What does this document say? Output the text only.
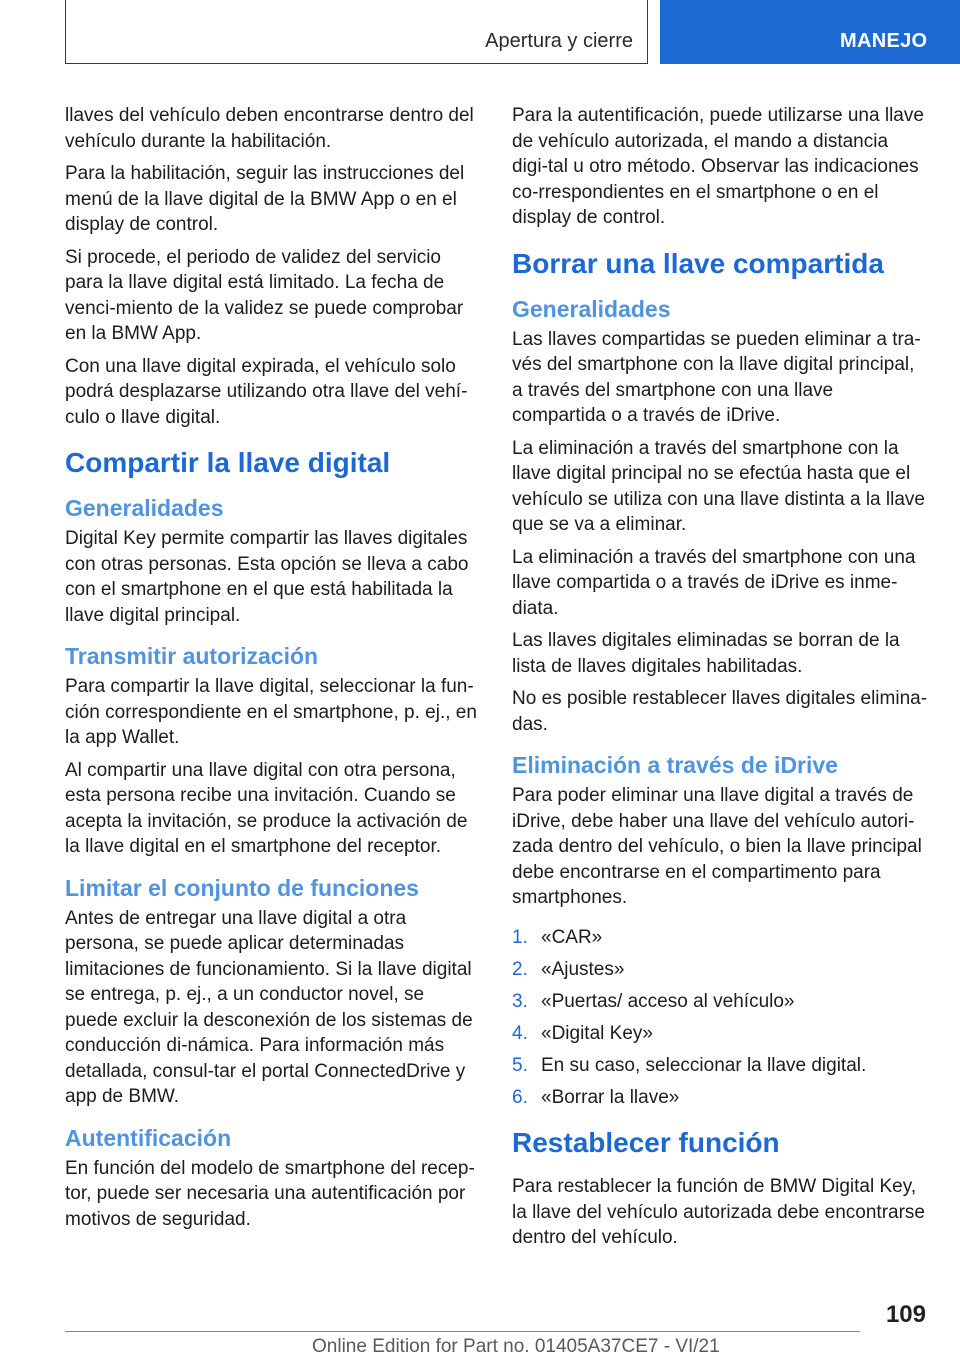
Apertura y cierre	MANEJO

llaves del vehículo deben encontrarse dentro del vehículo durante la habilitación.

Para la habilitación, seguir las instrucciones del menú de la llave digital de la BMW App o en el display de control.

Si procede, el periodo de validez del servicio para la llave digital está limitado. La fecha de venci‐miento de la validez se puede comprobar en la BMW App.

Con una llave digital expirada, el vehículo solo podrá desplazarse utilizando otra llave del vehí‐culo o llave digital.

Compartir la llave digital
Generalidades

Digital Key permite compartir las llaves digitales con otras personas. Esta opción se lleva a cabo con el smartphone en el que está habilitada la llave digital principal.

Transmitir autorización

Para compartir la llave digital, seleccionar la fun‐ción correspondiente en el smartphone, p. ej., en la app Wallet.

Al compartir una llave digital con otra persona, esta persona recibe una invitación. Cuando se acepta la invitación, se produce la activación de la llave digital en el smartphone del receptor.

Limitar el conjunto de funciones

Antes de entregar una llave digital a otra persona, se puede aplicar determinadas limitaciones de funcionamiento. Si la llave digital se entrega, p. ej., a un conductor novel, se puede excluir la desconexión de los sistemas de conducción di‐námica. Para información más detallada, consul‐tar el portal ConnectedDrive y app de BMW.

Autentificación

En función del modelo de smartphone del recep‐tor, puede ser necesaria una autentificación por motivos de seguridad.

Para la autentificación, puede utilizarse una llave de vehículo autorizada, el mando a distancia digi‐tal u otro método. Observar las indicaciones co‐rrespondientes en el smartphone o en el display de control.

Borrar una llave compartida
Generalidades

Las llaves compartidas se pueden eliminar a tra‐vés del smartphone con la llave digital principal, a través del smartphone con una llave compartida o a través de iDrive.

La eliminación a través del smartphone con la llave digital principal no se efectúa hasta que el vehículo se utiliza con una llave distinta a la llave que se va a eliminar.

La eliminación a través del smartphone con una llave compartida o a través de iDrive es inme‐diata.

Las llaves digitales eliminadas se borran de la lista de llaves digitales habilitadas.

No es posible restablecer llaves digitales elimina‐das.

Eliminación a través de iDrive

Para poder eliminar una llave digital a través de iDrive, debe haber una llave del vehículo autori‐zada dentro del vehículo, o bien la llave principal debe encontrarse en el compartimento para smartphones.

1. «CAR»
2. «Ajustes»
3. «Puertas/ acceso al vehículo»
4. «Digital Key»
5. En su caso, seleccionar la llave digital.
6. «Borrar la llave»
Restablecer función

Para restablecer la función de BMW Digital Key, la llave del vehículo autorizada debe encontrarse dentro del vehículo.

109
Online Edition for Part no. 01405A37CE7 - VI/21
